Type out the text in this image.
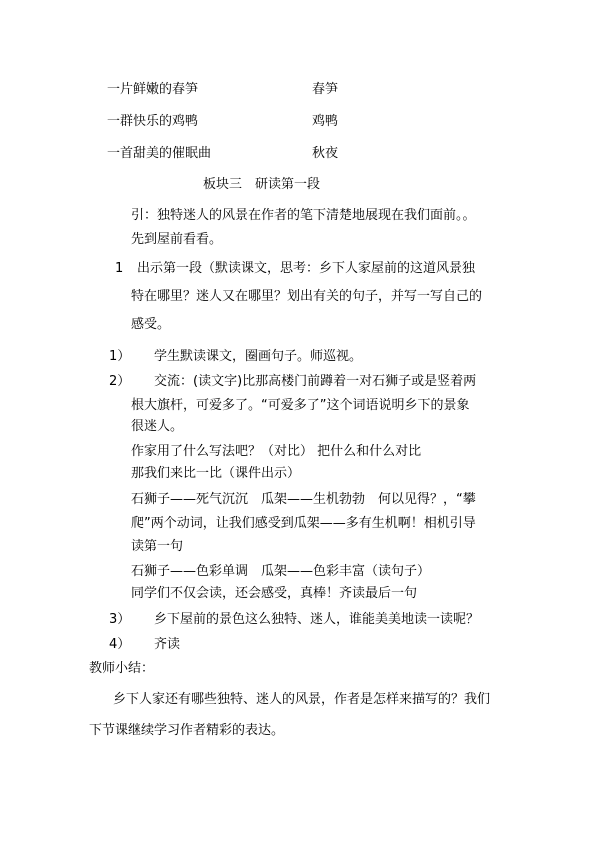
一片鲜嫩的春笋	春笋
一群快乐的鸡鸭	鸡鸭
一首甜美的催眠曲	秋夜
板块三　研读第一段
引：独特迷人的风景在作者的笔下清楚地展现在我们面前。。
先到屋前看看。
1 出示第一段（默读课文，思考：乡下人家屋前的这道风景独
特在哪里？迷人又在哪里？划出有关的句子，并写一写自己的
感受。
1） 学生默读课文，圈画句子。师巡视。
2） 交流：(读文字)比那高楼门前蹲着一对石狮子或是竖着两
根大旗杆，可爱多了。“可爱多了”这个词语说明乡下的景象
很迷人。
作家用了什么写法吧？（对比） 把什么和什么对比
那我们来比一比（课件出示）
石狮子——死气沉沉　瓜架——生机勃勃　何以见得？，“攀
爬”两个动词，让我们感受到瓜架——多有生机啊！相机引导
读第一句
石狮子——色彩单调　瓜架——色彩丰富（读句子）
同学们不仅会读，还会感受，真棒！齐读最后一句
3） 乡下屋前的景色这么独特、迷人，谁能美美地读一读呢？
4） 齐读
教师小结：
乡下人家还有哪些独特、迷人的风景，作者是怎样来描写的？我们
下节课继续学习作者精彩的表达。
